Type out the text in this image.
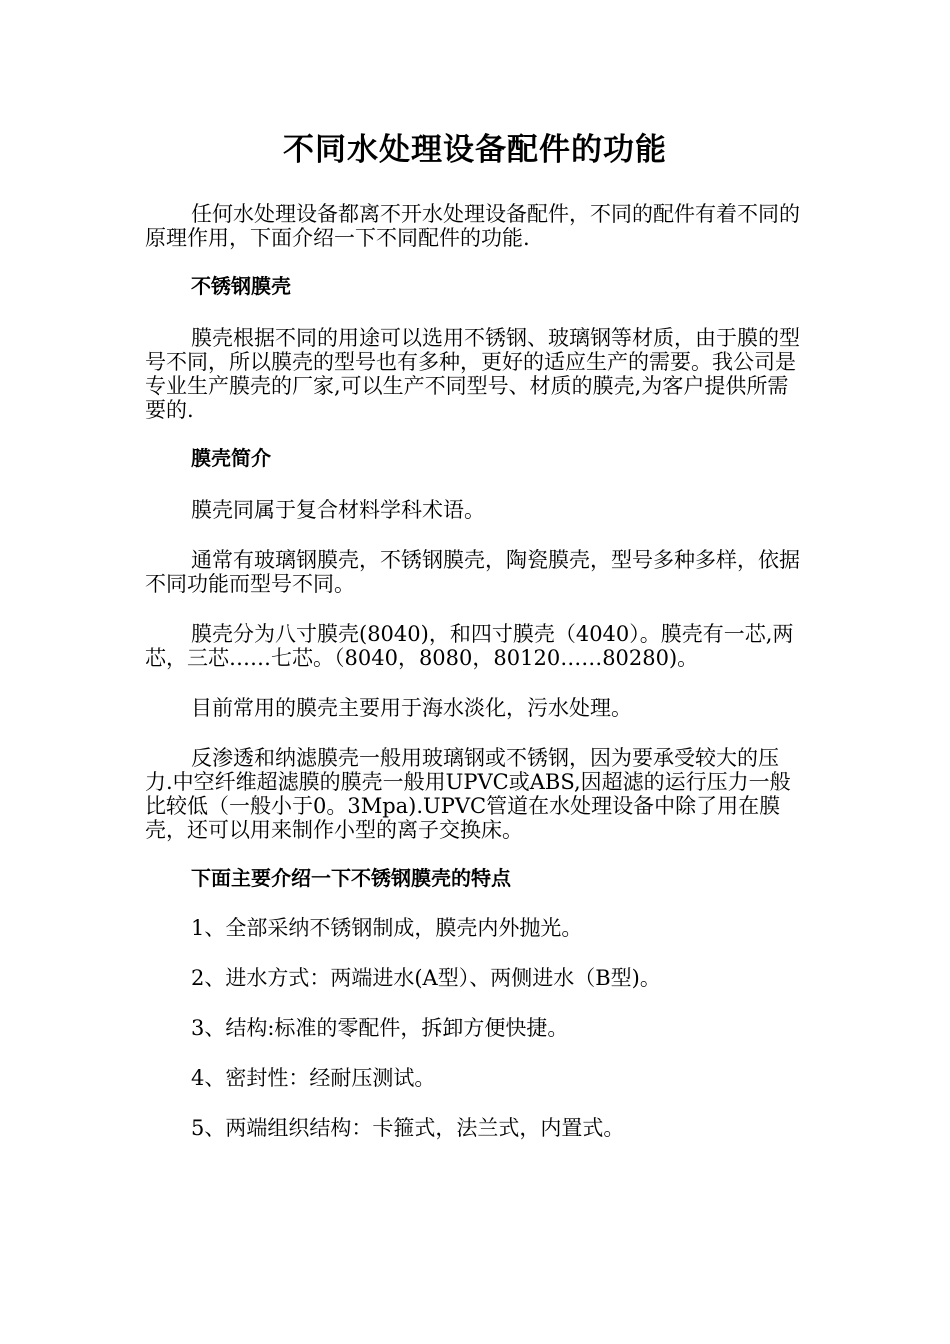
不同水处理设备配件的功能

任何水处理设备都离不开水处理设备配件，不同的配件有着不同的原理作用，下面介绍一下不同配件的功能.

不锈钢膜壳

膜壳根据不同的用途可以选用不锈钢、玻璃钢等材质，由于膜的型号不同，所以膜壳的型号也有多种，更好的适应生产的需要。我公司是专业生产膜壳的厂家,可以生产不同型号、材质的膜壳,为客户提供所需要的.

膜壳简介

膜壳同属于复合材料学科术语。

通常有玻璃钢膜壳，不锈钢膜壳，陶瓷膜壳，型号多种多样，依据不同功能而型号不同。

膜壳分为八寸膜壳(8040)，和四寸膜壳（4040）。膜壳有一芯,两芯，三芯……七芯。（8040，8080，80120……80280)。

目前常用的膜壳主要用于海水淡化，污水处理。

反渗透和纳滤膜壳一般用玻璃钢或不锈钢，因为要承受较大的压力.中空纤维超滤膜的膜壳一般用UPVC或ABS,因超滤的运行压力一般比较低（一般小于0。3Mpa).UPVC管道在水处理设备中除了用在膜壳，还可以用来制作小型的离子交换床。

下面主要介绍一下不锈钢膜壳的特点

1、全部采纳不锈钢制成，膜壳内外抛光。

2、进水方式：两端进水(A型）、两侧进水（B型)。

3、结构:标准的零配件，拆卸方便快捷。

4、密封性：经耐压测试。

5、两端组织结构：卡箍式，法兰式，内置式。
